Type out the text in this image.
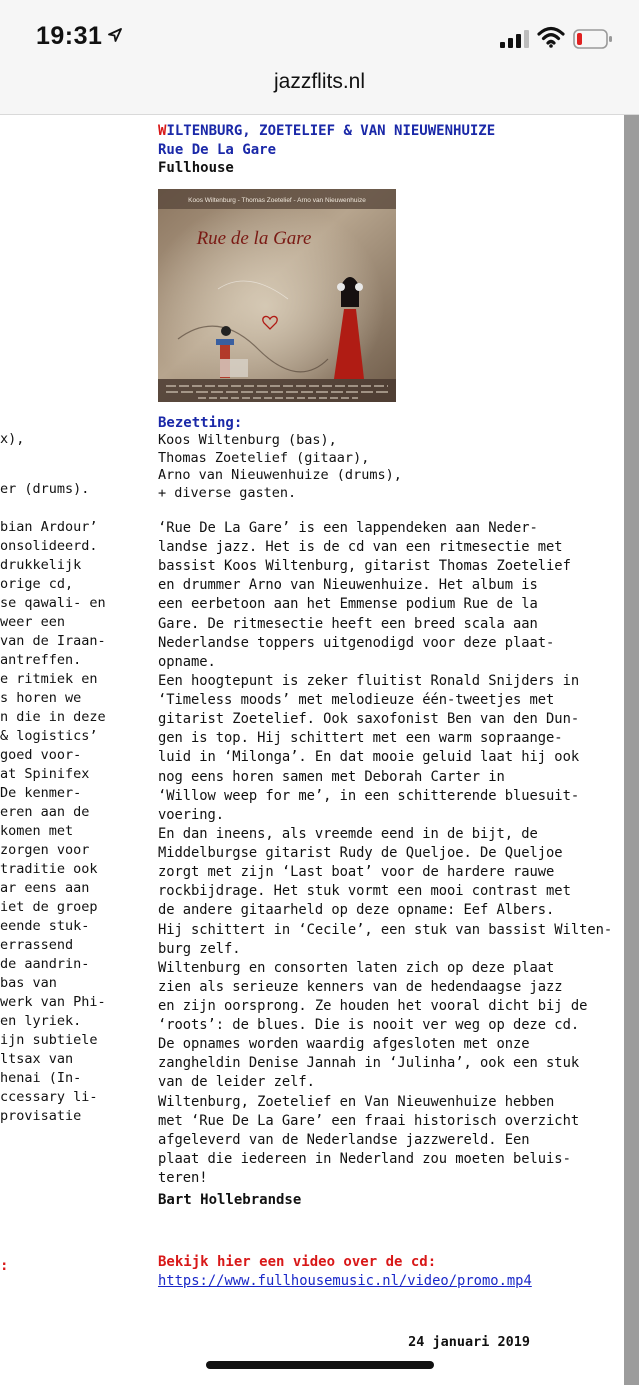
19:31
jazzflits.nl
x),
er (drums).
bian Ardour’
onsolideerd.
drukkelijk
orige cd,
se qawali- en
weer een
van de Iraan-
antreffen.
e ritmiek en
s horen we
n die in deze
& logistics’
goed voor-
at Spinifex
De kenmer-
eren aan de
komen met
zorgen voor
traditie ook
ar eens aan
iet de groep
eende stuk-
errassend
de aandrin-
bas van
werk van Phi-
en lyriek.
ijn subtiele
ltsax van
henai (In-
ccessary li-
provisatie
:
WILTENBURG, ZOETELIEF & VAN NIEUWENHUIZE
Rue De La Gare
Fullhouse
Koos Wiltenburg - Thomas Zoetelief - Arno van Nieuwenhuize
Rue de la Gare
Bezetting:
Koos Wiltenburg (bas),
Thomas Zoetelief (gitaar),
Arno van Nieuwenhuize (drums),
+ diverse gasten.
‘Rue De La Gare’ is een lappendeken aan Neder-
landse jazz. Het is de cd van een ritmesectie met
bassist Koos Wiltenburg, gitarist Thomas Zoetelief
en drummer Arno van Nieuwenhuize. Het album is
een eerbetoon aan het Emmense podium Rue de la
Gare. De ritmesectie heeft een breed scala aan
Nederlandse toppers uitgenodigd voor deze plaat-
opname.
Een hoogtepunt is zeker fluitist Ronald Snijders in
‘Timeless moods’ met melodieuze één-tweetjes met
gitarist Zoetelief. Ook saxofonist Ben van den Dun-
gen is top. Hij schittert met een warm sopraange-
luid in ‘Milonga’. En dat mooie geluid laat hij ook
nog eens horen samen met Deborah Carter in
‘Willow weep for me’, in een schitterende bluesuit-
voering.
En dan ineens, als vreemde eend in de bijt, de
Middelburgse gitarist Rudy de Queljoe. De Queljoe
zorgt met zijn ‘Last boat’ voor de hardere rauwe
rockbijdrage. Het stuk vormt een mooi contrast met
de andere gitaarheld op deze opname: Eef Albers.
Hij schittert in ‘Cecile’, een stuk van bassist Wilten-
burg zelf.
Wiltenburg en consorten laten zich op deze plaat
zien als serieuze kenners van de hedendaagse jazz
en zijn oorsprong. Ze houden het vooral dicht bij de
‘roots’: de blues. Die is nooit ver weg op deze cd.
De opnames worden waardig afgesloten met onze
zangheldin Denise Jannah in ‘Julinha’, ook een stuk
van de leider zelf.
Wiltenburg, Zoetelief en Van Nieuwenhuize hebben
met ‘Rue De La Gare’ een fraai historisch overzicht
afgeleverd van de Nederlandse jazzwereld. Een
plaat die iedereen in Nederland zou moeten beluis-
teren!
Bart Hollebrandse
Bekijk hier een video over de cd:
https://www.fullhousemusic.nl/video/promo.mp4
24 januari 2019
